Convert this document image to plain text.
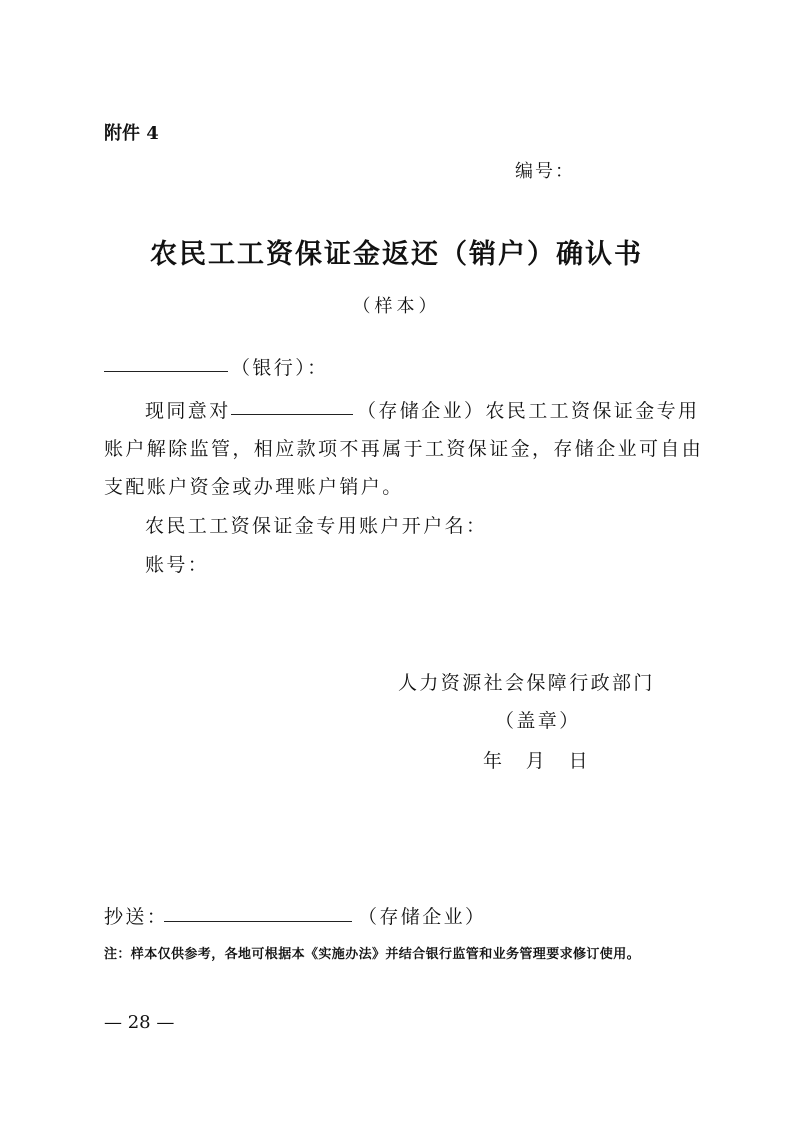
附件 4
编号：
农民工工资保证金返还（销户）确认书
（样本）
（银行）：
现同意对	（存储企业）农民工工资保证金专用
账户解除监管，相应款项不再属于工资保证金，存储企业可自由
支配账户资金或办理账户销户。
农民工工资保证金专用账户开户名：
账号：
人力资源社会保障行政部门
（盖章）
年　月　日
抄送：	（存储企业）
注：样本仅供参考，各地可根据本《实施办法》并结合银行监管和业务管理要求修订使用。
— 28 —
